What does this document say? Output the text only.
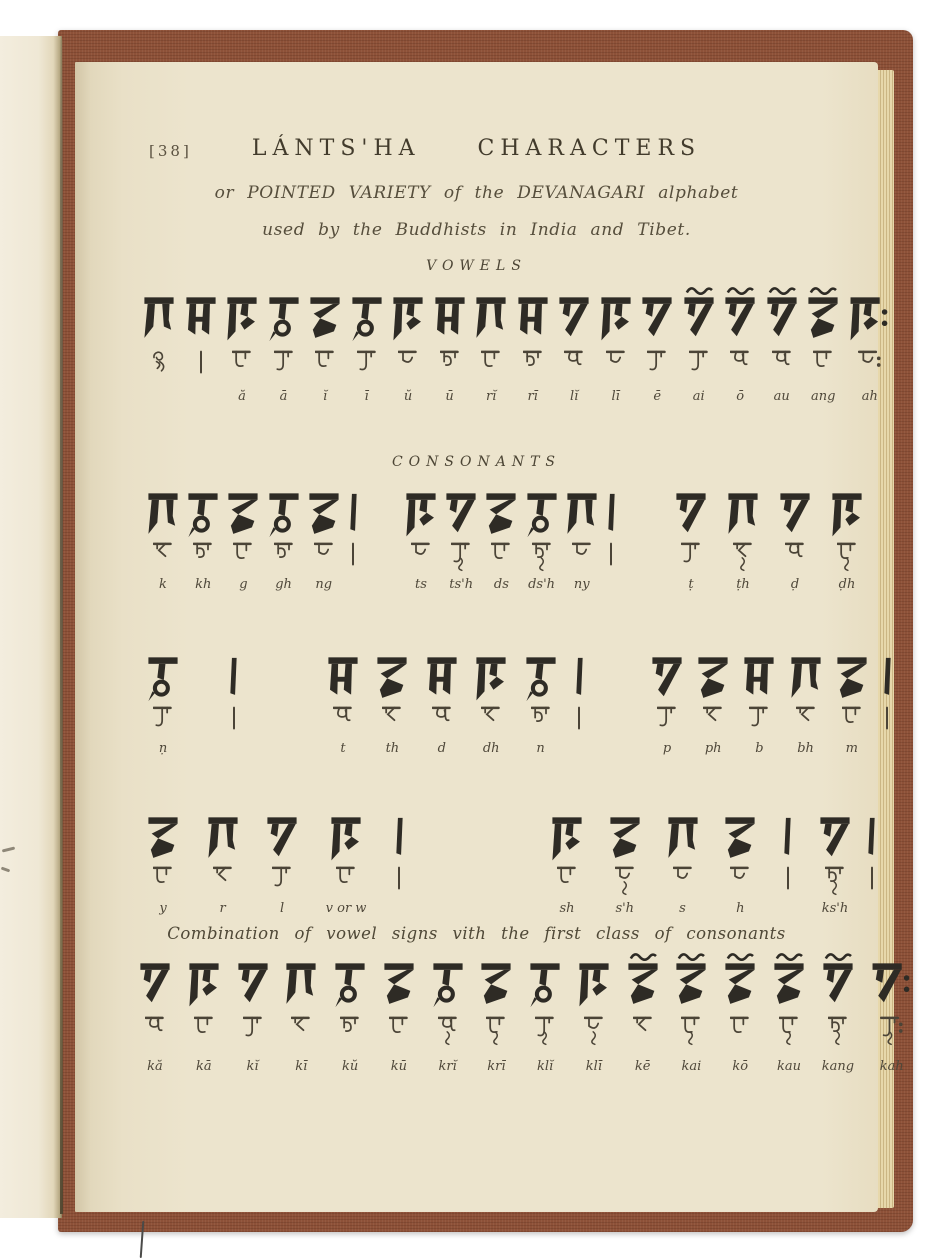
[38]	LÁNTS'HA CHARACTERS
or POINTED VARIETY of the DEVANAGARI alphabet
used by the Buddhists in India and Tibet.
VOWELS
ă	ā	ĭ	ī	ŭ	ū rĭ rī lĭ	lī	ē ai ō au ang ah
CONSONANTS
k kh g gh ng	ts ts'h ds ds'h ny	ṭ	ṭh	ḍ	ḍh
ṇ	t	th	d	dh	n	p	ph	b	bh m
y	r	l	v or w	sh	s'h	s	h	ks'h
Combination of vowel signs vith the first class of consonants
kă	kā	kĭ	kī	kŭ	kū krĭ krī klĭ	klī	kē kai kō kau kang kah
